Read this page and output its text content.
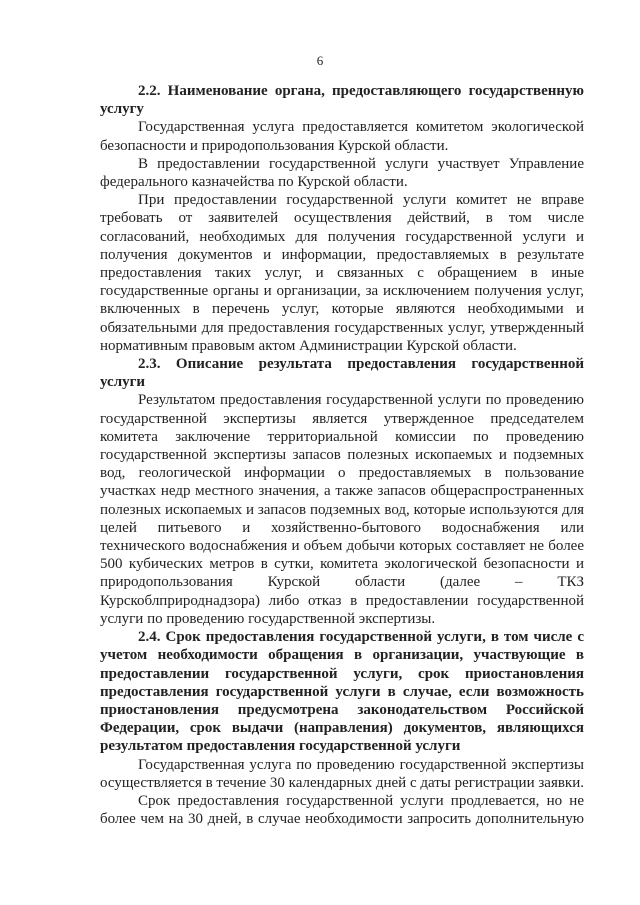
6

2.2. Наименование органа, предоставляющего государственную услугу

Государственная услуга предоставляется комитетом экологической безопасности и природопользования Курской области.

В предоставлении государственной услуги участвует Управление федерального казначейства по Курской области.

При предоставлении государственной услуги комитет не вправе требовать от заявителей осуществления действий, в том числе согласований, необходимых для получения государственной услуги и получения документов и информации, предоставляемых в результате предоставления таких услуг, и связанных с обращением в иные государственные органы и организации, за исключением получения услуг, включенных в перечень услуг, которые являются необходимыми и обязательными для предоставления государственных услуг, утвержденный нормативным правовым актом Администрации Курской области.

2.3. Описание результата предоставления государственной услуги

Результатом предоставления государственной услуги по проведению государственной экспертизы является утвержденное председателем комитета заключение территориальной комиссии по проведению государственной экспертизы запасов полезных ископаемых и подземных вод, геологической информации о предоставляемых в пользование участках недр местного значения, а также запасов общераспространенных полезных ископаемых и запасов подземных вод, которые используются для целей питьевого и хозяйственно-бытового водоснабжения или технического водоснабжения и объем добычи которых составляет не более 500 кубических метров в сутки, комитета экологической безопасности и природопользования Курской области (далее – ТКЗ Курскоблприроднадзора) либо отказ в предоставлении государственной услуги по проведению государственной экспертизы.

2.4. Срок предоставления государственной услуги, в том числе с учетом необходимости обращения в организации, участвующие в предоставлении государственной услуги, срок приостановления предоставления государственной услуги в случае, если возможность приостановления предусмотрена законодательством Российской Федерации, срок выдачи (направления) документов, являющихся результатом предоставления государственной услуги

Государственная услуга по проведению государственной экспертизы осуществляется в течение 30 календарных дней с даты регистрации заявки.

Срок предоставления государственной услуги продлевается, но не более чем на 30 дней, в случае необходимости запросить дополнительную
